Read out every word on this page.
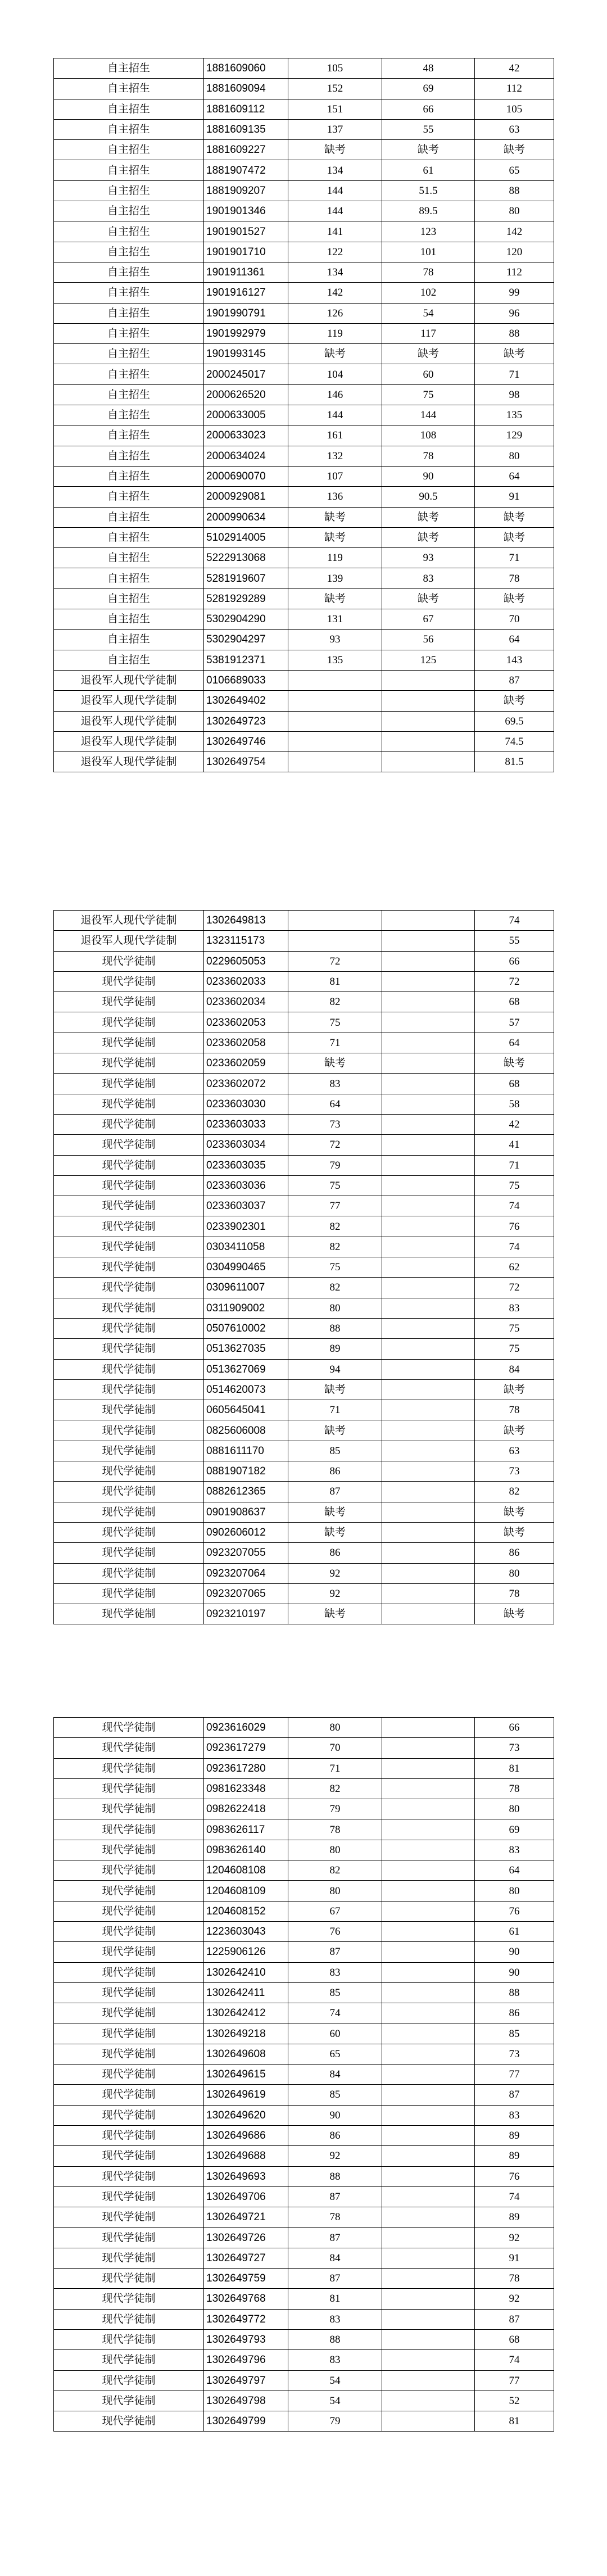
自主招生	1881609060	105	48	42
自主招生	1881609094	152	69	112
自主招生	1881609112	151	66	105
自主招生	1881609135	137	55	63
自主招生	1881609227	缺考	缺考	缺考
自主招生	1881907472	134	61	65
自主招生	1881909207	144	51.5	88
自主招生	1901901346	144	89.5	80
自主招生	1901901527	141	123	142
自主招生	1901901710	122	101	120
自主招生	1901911361	134	78	112
自主招生	1901916127	142	102	99
自主招生	1901990791	126	54	96
自主招生	1901992979	119	117	88
自主招生	1901993145	缺考	缺考	缺考
自主招生	2000245017	104	60	71
自主招生	2000626520	146	75	98
自主招生	2000633005	144	144	135
自主招生	2000633023	161	108	129
自主招生	2000634024	132	78	80
自主招生	2000690070	107	90	64
自主招生	2000929081	136	90.5	91
自主招生	2000990634	缺考	缺考	缺考
自主招生	5102914005	缺考	缺考	缺考
自主招生	5222913068	119	93	71
自主招生	5281919607	139	83	78
自主招生	5281929289	缺考	缺考	缺考
自主招生	5302904290	131	67	70
自主招生	5302904297	93	56	64
自主招生	5381912371	135	125	143
退役军人现代学徒制	0106689033			87
退役军人现代学徒制	1302649402			缺考
退役军人现代学徒制	1302649723			69.5
退役军人现代学徒制	1302649746			74.5
退役军人现代学徒制	1302649754			81.5
退役军人现代学徒制	1302649813			74
退役军人现代学徒制	1323115173			55
现代学徒制	0229605053	72		66
现代学徒制	0233602033	81		72
现代学徒制	0233602034	82		68
现代学徒制	0233602053	75		57
现代学徒制	0233602058	71		64
现代学徒制	0233602059	缺考		缺考
现代学徒制	0233602072	83		68
现代学徒制	0233603030	64		58
现代学徒制	0233603033	73		42
现代学徒制	0233603034	72		41
现代学徒制	0233603035	79		71
现代学徒制	0233603036	75		75
现代学徒制	0233603037	77		74
现代学徒制	0233902301	82		76
现代学徒制	0303411058	82		74
现代学徒制	0304990465	75		62
现代学徒制	0309611007	82		72
现代学徒制	0311909002	80		83
现代学徒制	0507610002	88		75
现代学徒制	0513627035	89		75
现代学徒制	0513627069	94		84
现代学徒制	0514620073	缺考		缺考
现代学徒制	0605645041	71		78
现代学徒制	0825606008	缺考		缺考
现代学徒制	0881611170	85		63
现代学徒制	0881907182	86		73
现代学徒制	0882612365	87		82
现代学徒制	0901908637	缺考		缺考
现代学徒制	0902606012	缺考		缺考
现代学徒制	0923207055	86		86
现代学徒制	0923207064	92		80
现代学徒制	0923207065	92		78
现代学徒制	0923210197	缺考		缺考
现代学徒制	0923616029	80		66
现代学徒制	0923617279	70		73
现代学徒制	0923617280	71		81
现代学徒制	0981623348	82		78
现代学徒制	0982622418	79		80
现代学徒制	0983626117	78		69
现代学徒制	0983626140	80		83
现代学徒制	1204608108	82		64
现代学徒制	1204608109	80		80
现代学徒制	1204608152	67		76
现代学徒制	1223603043	76		61
现代学徒制	1225906126	87		90
现代学徒制	1302642410	83		90
现代学徒制	1302642411	85		88
现代学徒制	1302642412	74		86
现代学徒制	1302649218	60		85
现代学徒制	1302649608	65		73
现代学徒制	1302649615	84		77
现代学徒制	1302649619	85		87
现代学徒制	1302649620	90		83
现代学徒制	1302649686	86		89
现代学徒制	1302649688	92		89
现代学徒制	1302649693	88		76
现代学徒制	1302649706	87		74
现代学徒制	1302649721	78		89
现代学徒制	1302649726	87		92
现代学徒制	1302649727	84		91
现代学徒制	1302649759	87		78
现代学徒制	1302649768	81		92
现代学徒制	1302649772	83		87
现代学徒制	1302649793	88		68
现代学徒制	1302649796	83		74
现代学徒制	1302649797	54		77
现代学徒制	1302649798	54		52
现代学徒制	1302649799	79		81
